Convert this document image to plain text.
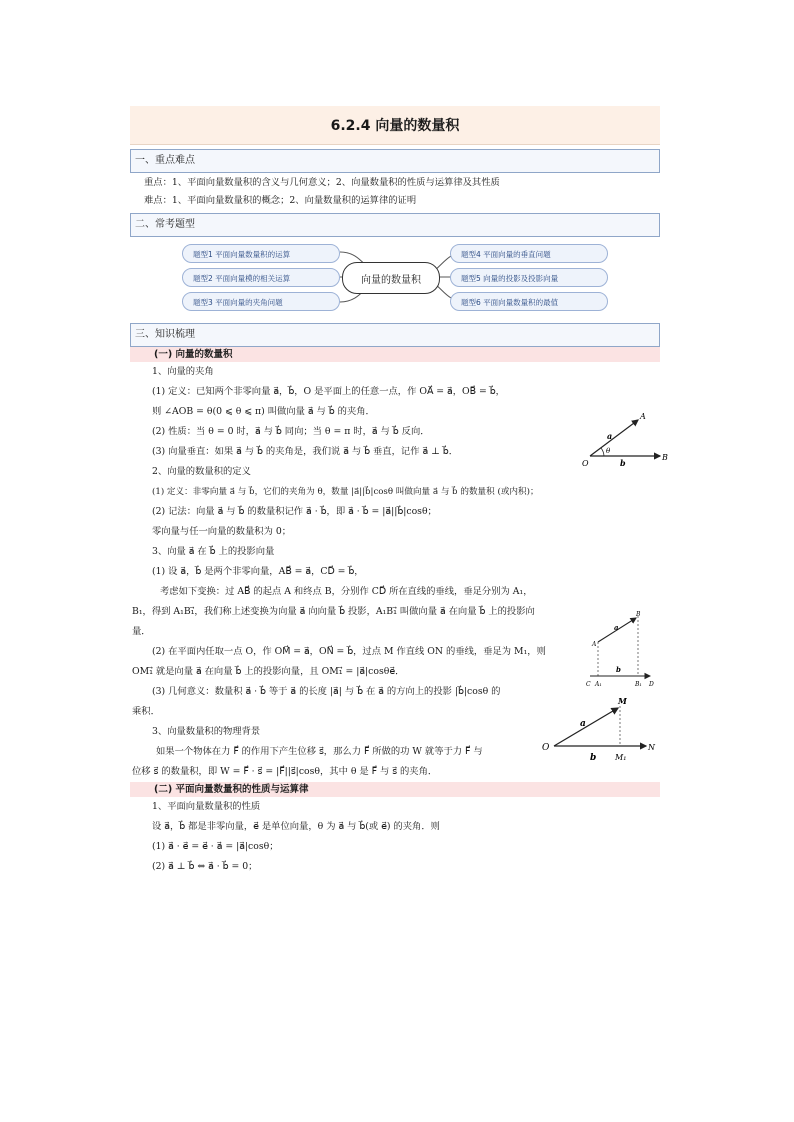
6.2.4 向量的数量积
一、重点难点
重点：1、平面向量数量积的含义与几何意义；2、向量数量积的性质与运算律及其性质
难点：1、平面向量数量积的概念；2、向量数量积的运算律的证明
二、常考题型
题型1 平面向量数量积的运算
题型2 平面向量模的相关运算
题型3 平面向量的夹角问题
向量的数量积
题型4 平面向量的垂直问题
题型5 向量的投影及投影向量
题型6 平面向量数量积的最值
三、知识梳理
(一) 向量的数量积
1、向量的夹角
(1) 定义：已知两个非零向量 a⃗，b⃗，O 是平面上的任意一点，作 OA⃗ = a⃗，OB⃗ = b⃗，
则 ∠AOB = θ(0 ⩽ θ ⩽ π) 叫做向量 a⃗ 与 b⃗ 的夹角．
(2) 性质：当 θ = 0 时，a⃗ 与 b⃗ 同向；当 θ = π 时，a⃗ 与 b⃗ 反向．
(3) 向量垂直：如果 a⃗ 与 b⃗ 的夹角是，我们说 a⃗ 与 b⃗ 垂直，记作 a⃗ ⊥ b⃗．
2、向量的数量积的定义
(1) 定义：非零向量 a⃗ 与 b⃗，它们的夹角为 θ，数量 |a⃗||b⃗|cosθ 叫做向量 a⃗ 与 b⃗ 的数量积 (或内积)；
(2) 记法：向量 a⃗ 与 b⃗ 的数量积记作 a⃗ · b⃗，即 a⃗ · b⃗ = |a⃗||b⃗|cosθ；
零向量与任一向量的数量积为 0；
3、向量 a⃗ 在 b⃗ 上的投影向量
(1) 设 a⃗，b⃗ 是两个非零向量，AB⃗ = a⃗，CD⃗ = b⃗，
考虑如下变换：过 AB⃗ 的起点 A 和终点 B，分别作 CD⃗ 所在直线的垂线，垂足分别为 A₁，
B₁，得到 A₁B₁⃗，我们称上述变换为向量 a⃗ 向向量 b⃗ 投影，A₁B₁⃗ 叫做向量 a⃗ 在向量 b⃗ 上的投影向
量．
(2) 在平面内任取一点 O，作 OM⃗ = a⃗，ON⃗ = b⃗，过点 M 作直线 ON 的垂线，垂足为 M₁，则
OM₁⃗ 就是向量 a⃗ 在向量 b⃗ 上的投影向量，且 OM₁⃗ = |a⃗|cosθe⃗．
(3) 几何意义：数量积 a⃗ · b⃗ 等于 a⃗ 的长度 |a⃗| 与 b⃗ 在 a⃗ 的方向上的投影 |b⃗|cosθ 的
乘积．
3、向量数量积的物理背景
如果一个物体在力 F⃗ 的作用下产生位移 s⃗，那么力 F⃗ 所做的功 W 就等于力 F⃗ 与
位移 s⃗ 的数量积，即 W = F⃗ · s⃗ = |F⃗||s⃗|cosθ，其中 θ 是 F⃗ 与 s⃗ 的夹角．
A
O
B
a
b
θ
A
B
C A₁	B₁ D
a
b
M
O
M₁
N
a
b
(二) 平面向量数量积的性质与运算律
1、平面向量数量积的性质
设 a⃗，b⃗ 都是非零向量，e⃗ 是单位向量，θ 为 a⃗ 与 b⃗(或 e⃗) 的夹角．则
(1) a⃗ · e⃗ = e⃗ · a⃗ = |a⃗|cosθ；
(2) a⃗ ⊥ b⃗ ⇔ a⃗ · b⃗ = 0；
